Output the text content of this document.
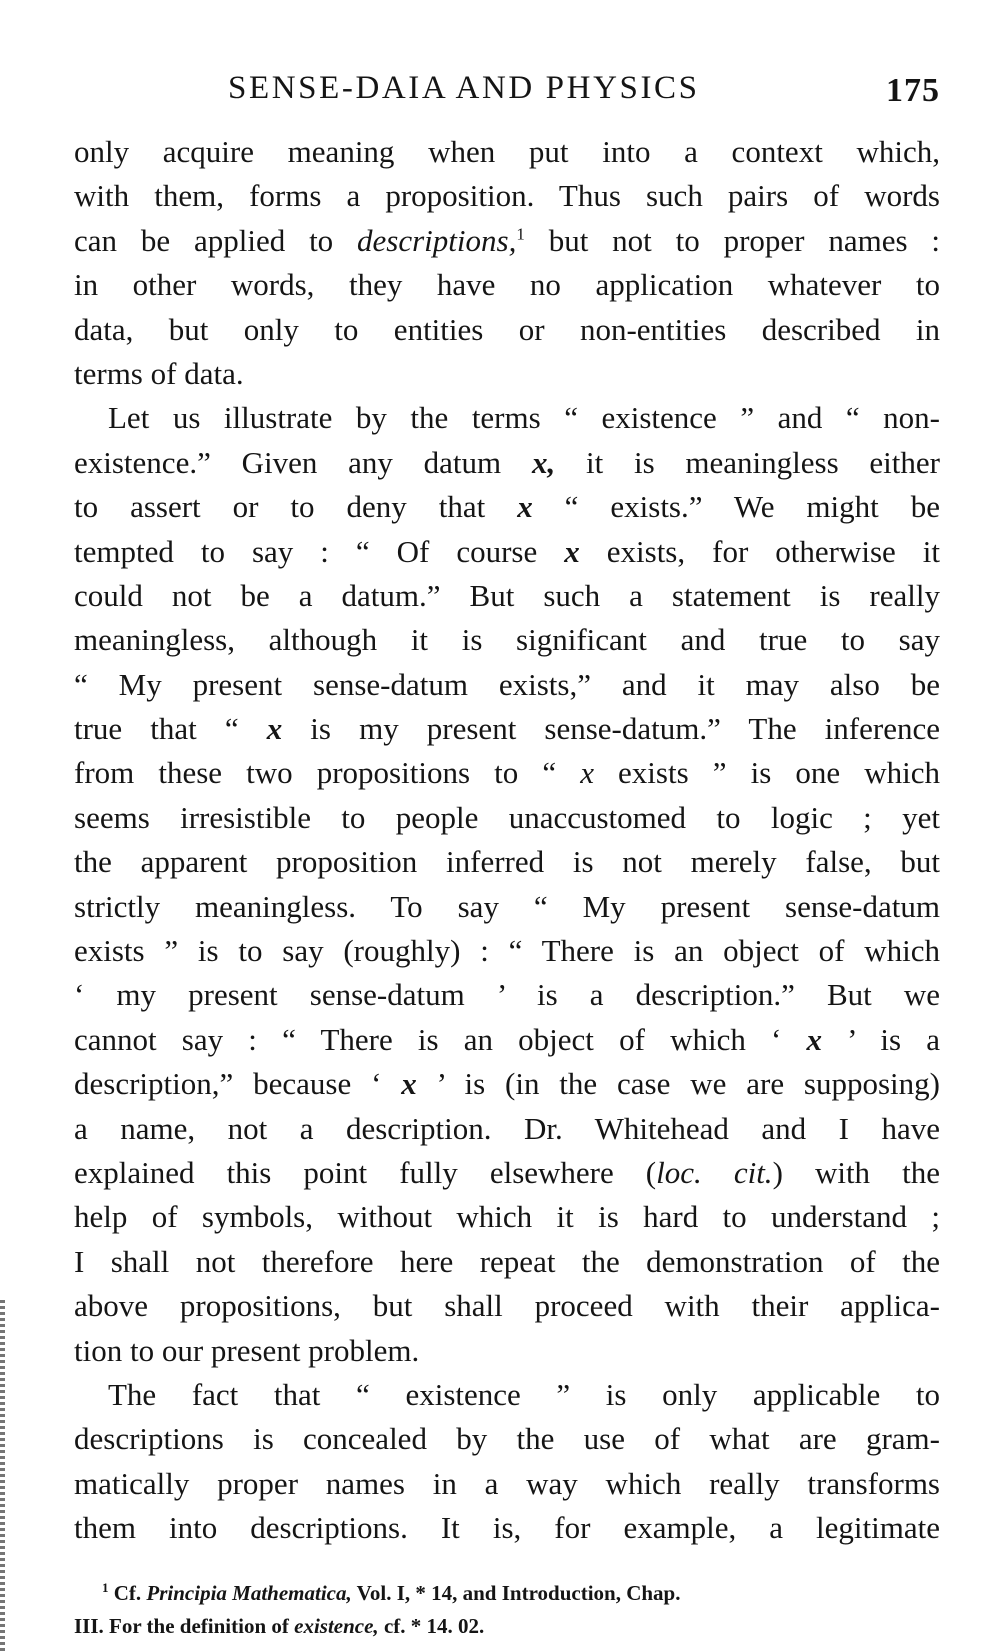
SENSE-DAIA AND PHYSICS	175
only acquire meaning when put into a context which,
with them, forms a proposition. Thus such pairs of words
can be applied to descriptions,$^1$ but not to proper names :
in other words, they have no application whatever to
data, but only to entities or non-entities described in
terms of data.
Let us illustrate by the terms “ existence ” and “ non-
existence.” Given any datum x, it is meaningless either
to assert or to deny that x “ exists.” We might be
tempted to say : “ Of course x exists, for otherwise it
could not be a datum.” But such a statement is really
meaningless, although it is significant and true to say
“ My present sense-datum exists,” and it may also be
true that “ x is my present sense-datum.” The inference
from these two propositions to “ x exists ” is one which
seems irresistible to people unaccustomed to logic ; yet
the apparent proposition inferred is not merely false, but
strictly meaningless. To say “ My present sense-datum
exists ” is to say (roughly) : “ There is an object of which
‘ my present sense-datum ’ is a description.” But we
cannot say : “ There is an object of which ‘ x ’ is a
description,” because ‘ x ’ is (in the case we are supposing)
a name, not a description. Dr. Whitehead and I have
explained this point fully elsewhere (loc. cit.) with the
help of symbols, without which it is hard to understand ;
I shall not therefore here repeat the demonstration of the
above propositions, but shall proceed with their applica-
tion to our present problem.
The fact that “ existence ” is only applicable to
descriptions is concealed by the use of what are gram-
matically proper names in a way which really transforms
them into descriptions. It is, for example, a legitimate
$^1$ Cf. Principia Mathematica, Vol. I, * 14, and Introduction, Chap.
III. For the definition of existence, cf. * 14. 02.
